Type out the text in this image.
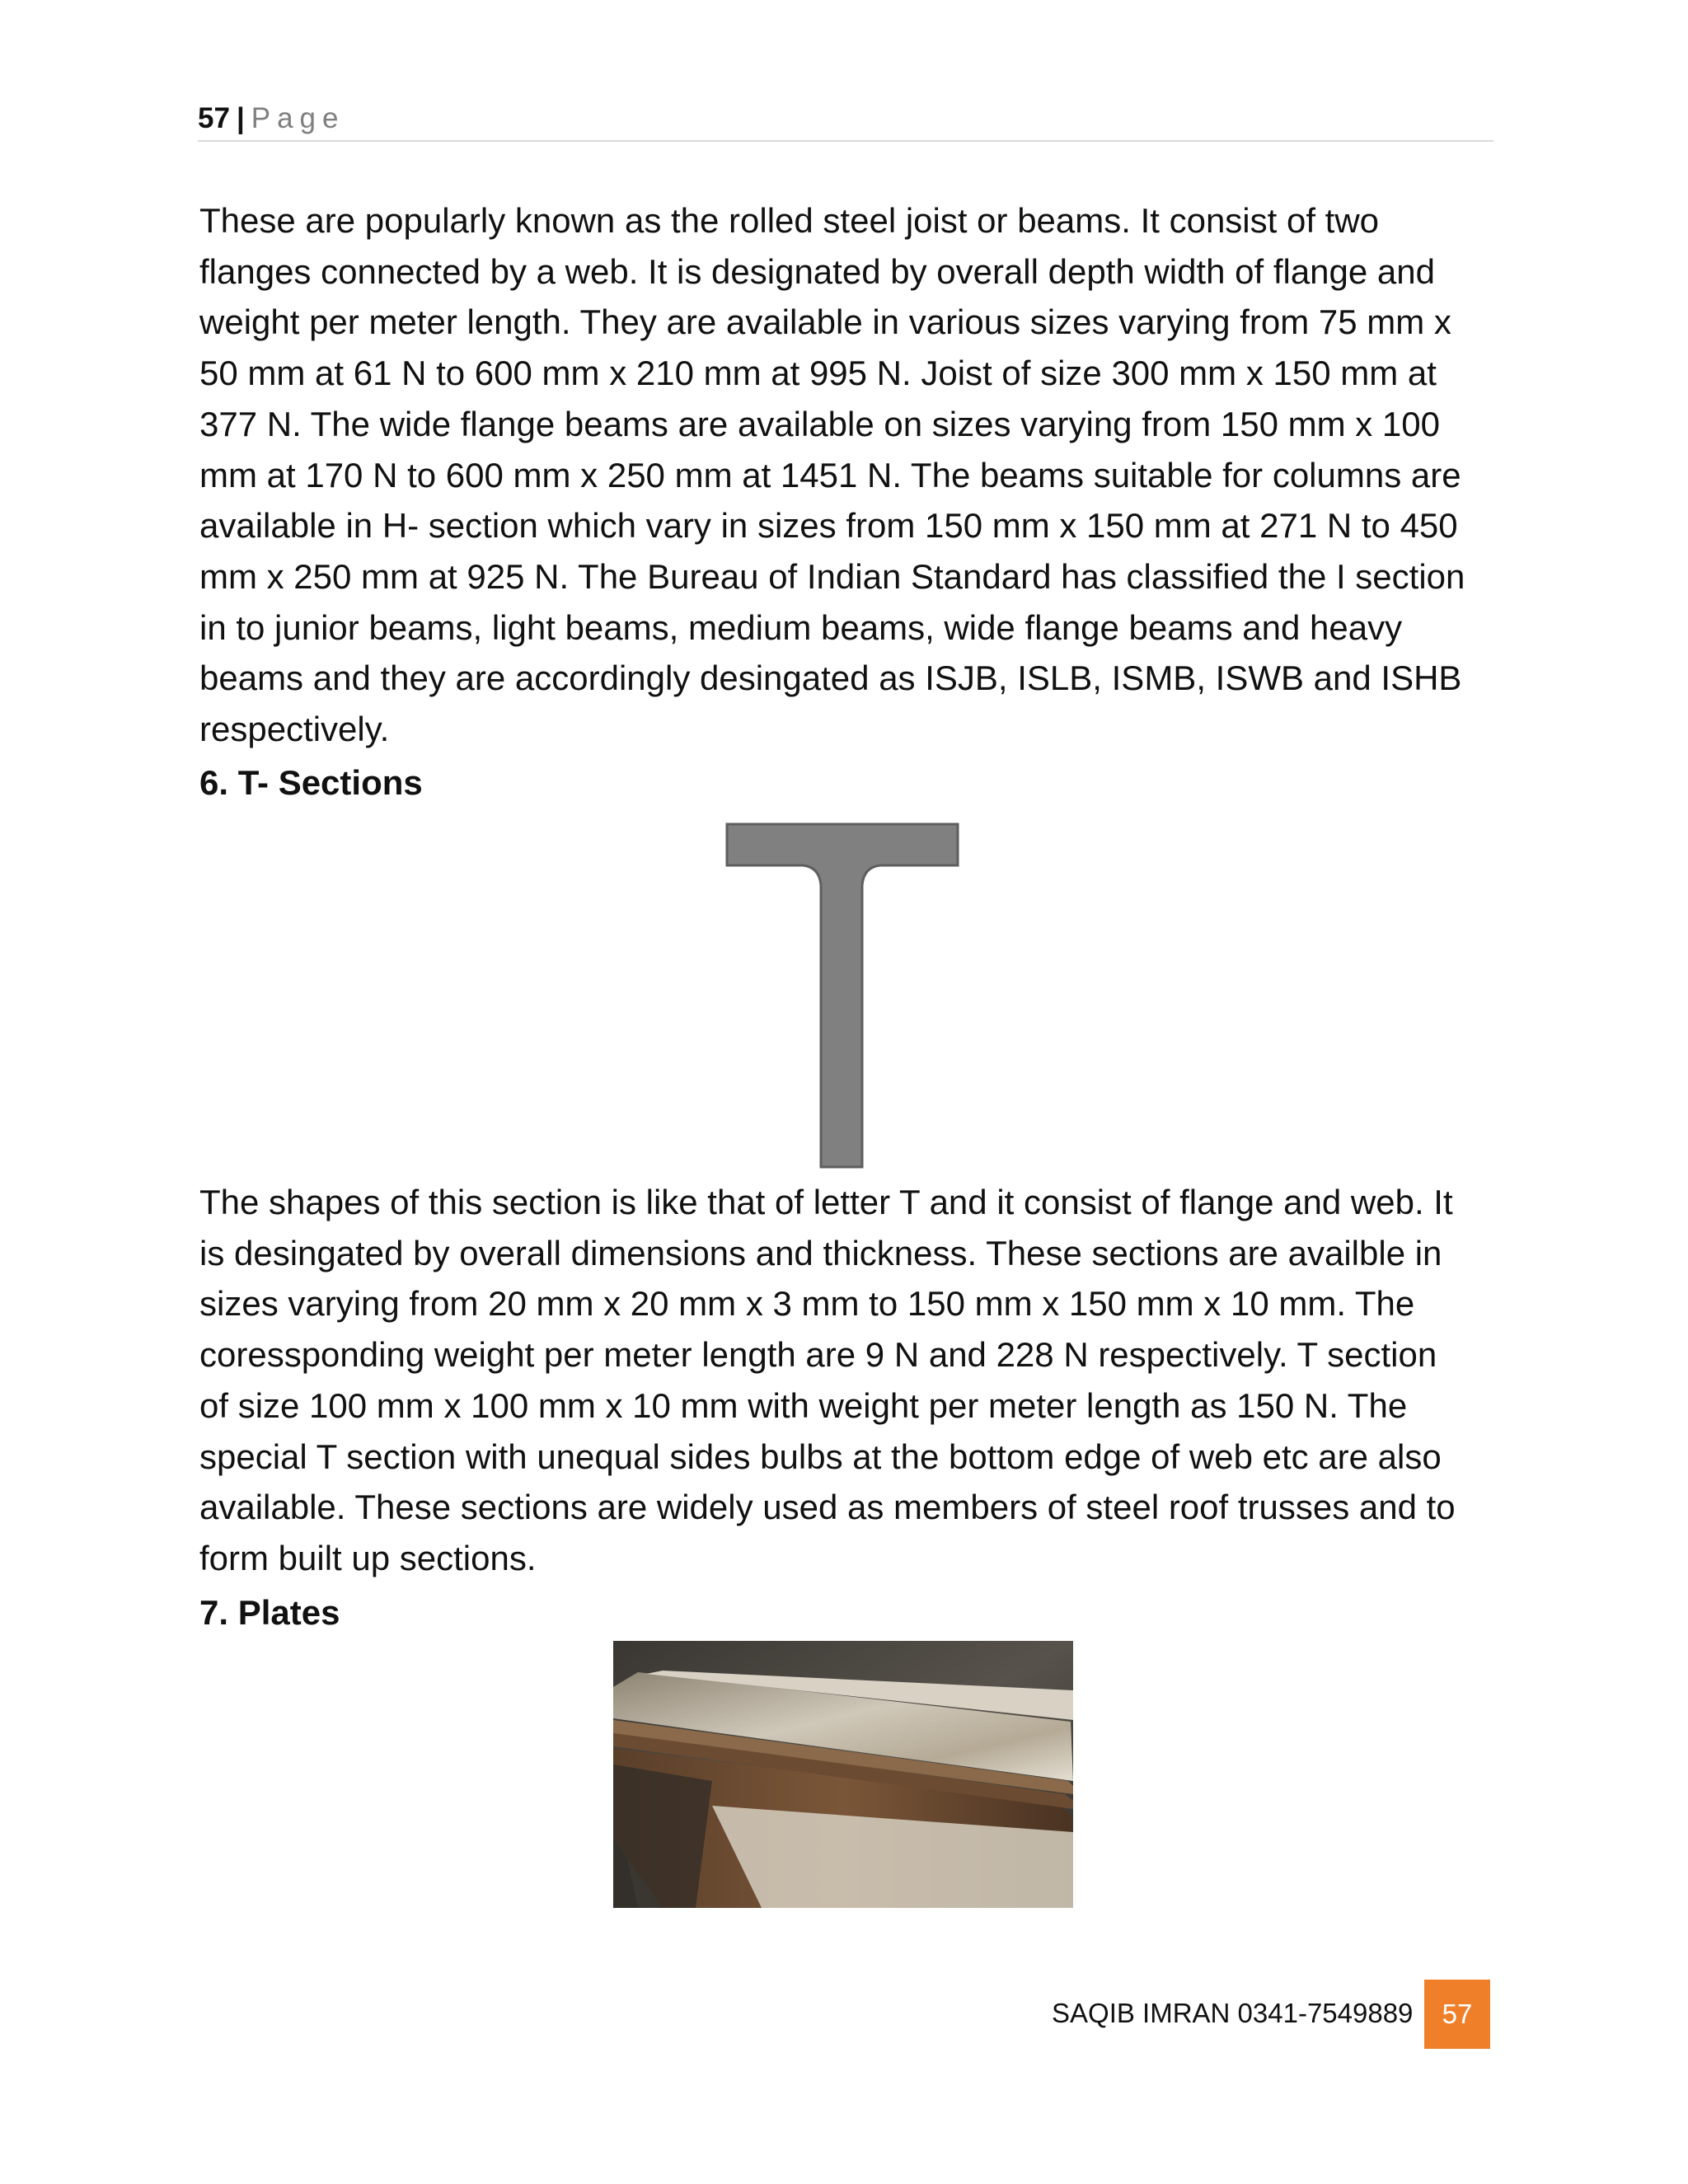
57 | Page

These are popularly known as the rolled steel joist or beams. It consist of two
flanges connected by a web. It is designated by overall depth width of flange and
weight per meter length. They are available in various sizes varying from 75 mm x
50 mm at 61 N to 600 mm x 210 mm at 995 N. Joist of size 300 mm x 150 mm at
377 N. The wide flange beams are available on sizes varying from 150 mm x 100
mm at 170 N to 600 mm x 250 mm at 1451 N. The beams suitable for columns are
available in H- section which vary in sizes from 150 mm x 150 mm at 271 N to 450
mm x 250 mm at 925 N. The Bureau of Indian Standard has classified the I section
in to junior beams, light beams, medium beams, wide flange beams and heavy
beams and they are accordingly desingated as ISJB, ISLB, ISMB, ISWB and ISHB
respectively.

6. T- Sections

The shapes of this section is like that of letter T and it consist of flange and web. It
is desingated by overall dimensions and thickness. These sections are availble in
sizes varying from 20 mm x 20 mm x 3 mm to 150 mm x 150 mm x 10 mm. The
coressponding weight per meter length are 9 N and 228 N respectively. T section
of size 100 mm x 100 mm x 10 mm with weight per meter length as 150 N. The
special T section with unequal sides bulbs at the bottom edge of web etc are also
available. These sections are widely used as members of steel roof trusses and to
form built up sections.

7. Plates
SAQIB IMRAN 0341-7549889	57
